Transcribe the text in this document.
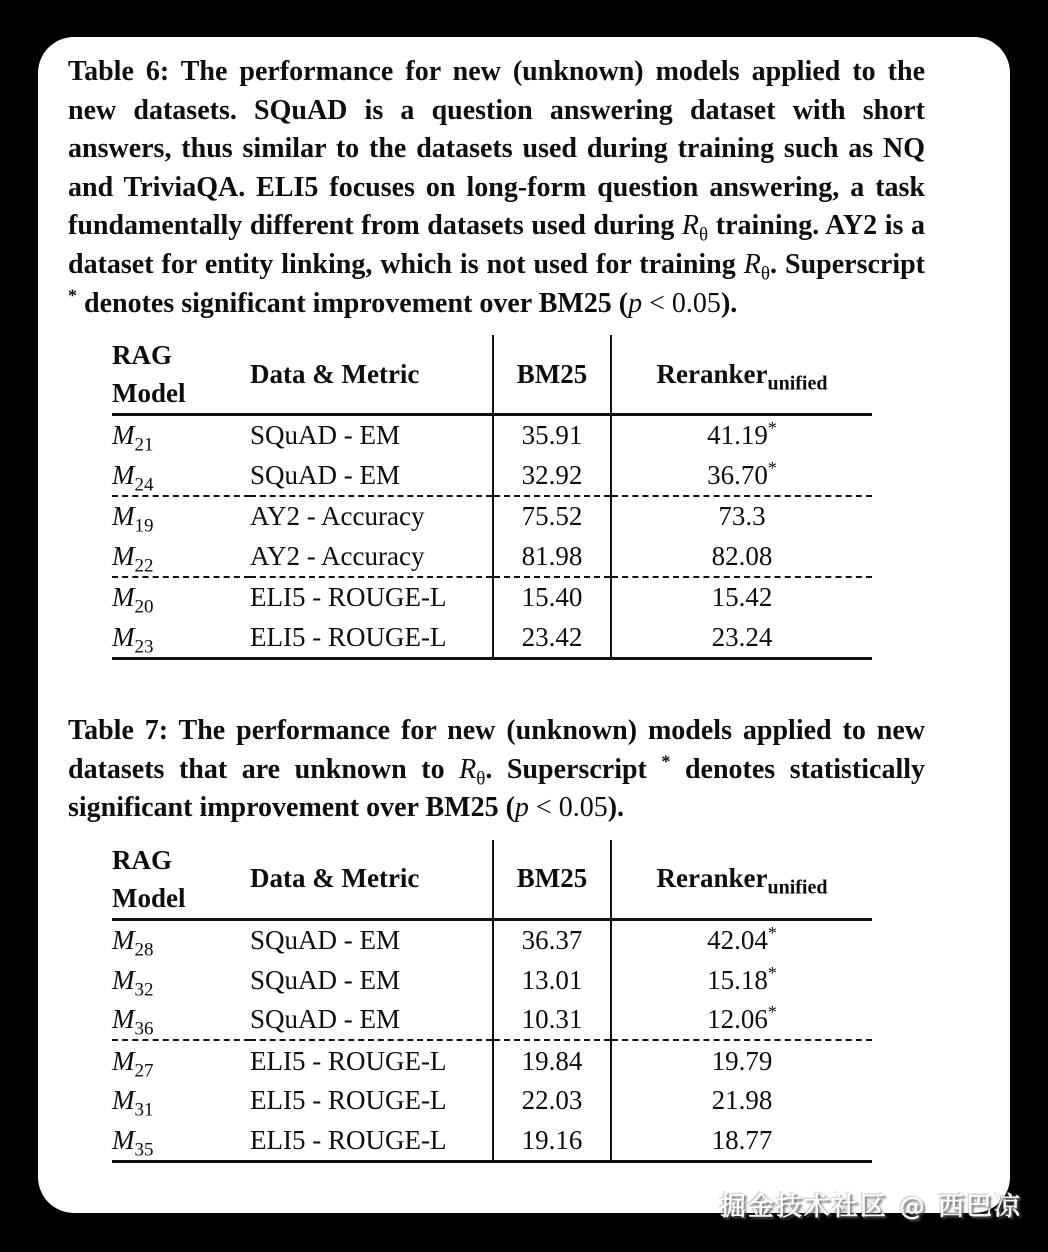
Table 6: The performance for new (unknown) models applied to the new datasets. SQuAD is a question answering dataset with short answers, thus similar to the datasets used during training such as NQ and TriviaQA. ELI5 focuses on long-form question answering, a task fundamentally different from datasets used during $R_\theta$ training. AY2 is a dataset for entity linking, which is not used for training $R_\theta$. Superscript * denotes significant improvement over BM25 (p < 0.05).

RAG
Model	Data & Metric	BM25	Reranker$_{unified}$
$M_{21}$	SQuAD - EM	35.91	41.19*
$M_{24}$	SQuAD - EM	32.92	36.70*
$M_{19}$	AY2 - Accuracy	75.52	73.3
$M_{22}$	AY2 - Accuracy	81.98	82.08
$M_{20}$	ELI5 - ROUGE-L	15.40	15.42
$M_{23}$	ELI5 - ROUGE-L	23.42	23.24

Table 7: The performance for new (unknown) models applied to new datasets that are unknown to $R_\theta$. Superscript * denotes statistically significant improvement over BM25 (p < 0.05).

RAG
Model	Data & Metric	BM25	Reranker$_{unified}$
$M_{28}$	SQuAD - EM	36.37	42.04*
$M_{32}$	SQuAD - EM	13.01	15.18*
$M_{36}$	SQuAD - EM	10.31	12.06*
$M_{27}$	ELI5 - ROUGE-L	19.84	19.79
$M_{31}$	ELI5 - ROUGE-L	22.03	21.98
$M_{35}$	ELI5 - ROUGE-L	19.16	18.77
掘金技术社区 @ 西巴凉
